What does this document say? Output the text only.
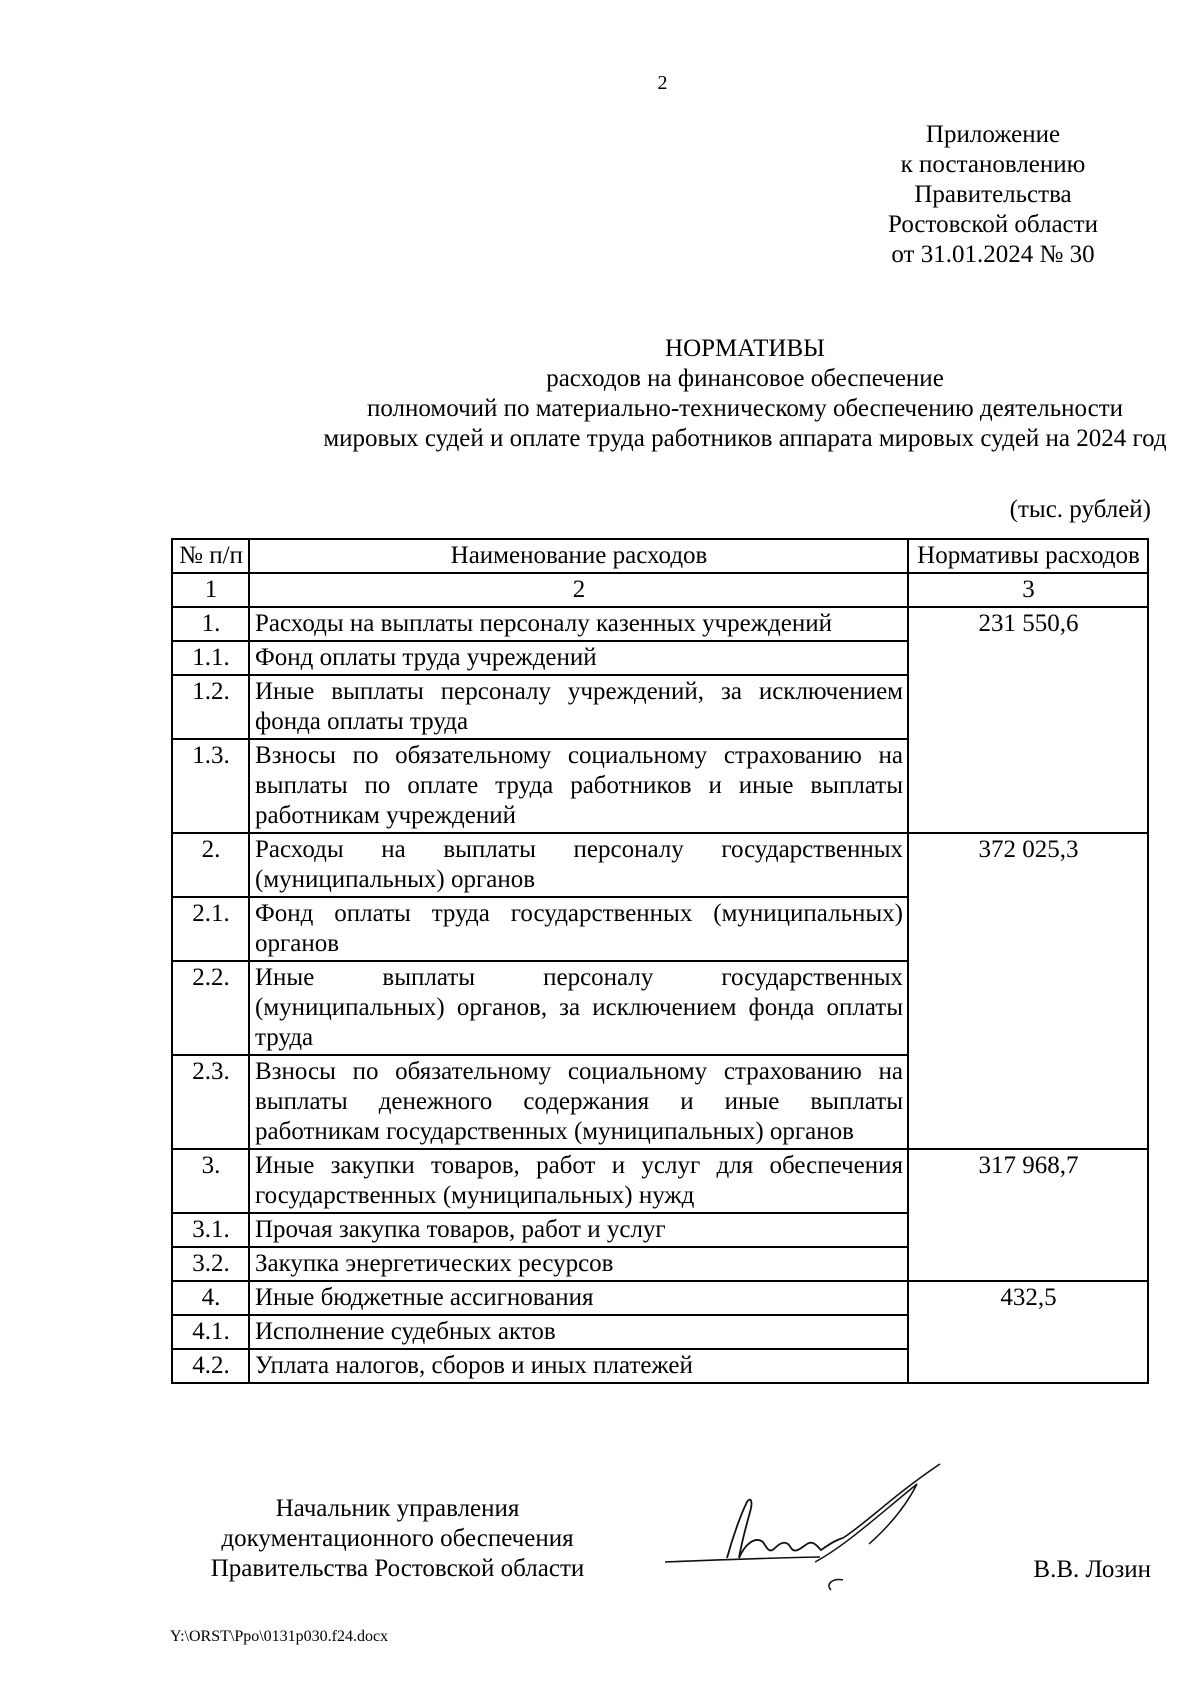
2
Приложение
к постановлению
Правительства
Ростовской области
от 31.01.2024 № 30
НОРМАТИВЫ
расходов на финансовое обеспечение
полномочий по материально-техническому обеспечению деятельности
мировых судей и оплате труда работников аппарата мировых судей на 2024 год
(тыс. рублей)
№ п/п	Наименование расходов	Нормативы расходов
1	2	3
1.	Расходы на выплаты персоналу казенных учреждений	231 550,6
1.1.	Фонд оплаты труда учреждений	
1.2.	Иные выплаты персоналу учреждений, за исключением фонда оплаты труда	
1.3.	Взносы по обязательному социальному страхованию на выплаты по оплате труда работников и иные выплаты работникам учреждений	
2.	Расходы на выплаты персоналу государственных (муниципальных) органов	372 025,3
2.1.	Фонд оплаты труда государственных (муниципальных) органов	
2.2.	Иные выплаты персоналу государственных (муниципальных) органов, за исключением фонда оплаты труда	
2.3.	Взносы по обязательному социальному страхованию на выплаты денежного содержания и иные выплаты работникам государственных (муниципальных) органов	
3.	Иные закупки товаров, работ и услуг для обеспечения государственных (муниципальных) нужд	317 968,7
3.1.	Прочая закупка товаров, работ и услуг	
3.2.	Закупка энергетических ресурсов	
4.	Иные бюджетные ассигнования	432,5
4.1.	Исполнение судебных актов	
4.2.	Уплата налогов, сборов и иных платежей	
Начальник управления
документационного обеспечения
Правительства Ростовской области	В.В. Лозин
Y:\ORST\Ppo\0131p030.f24.docx
